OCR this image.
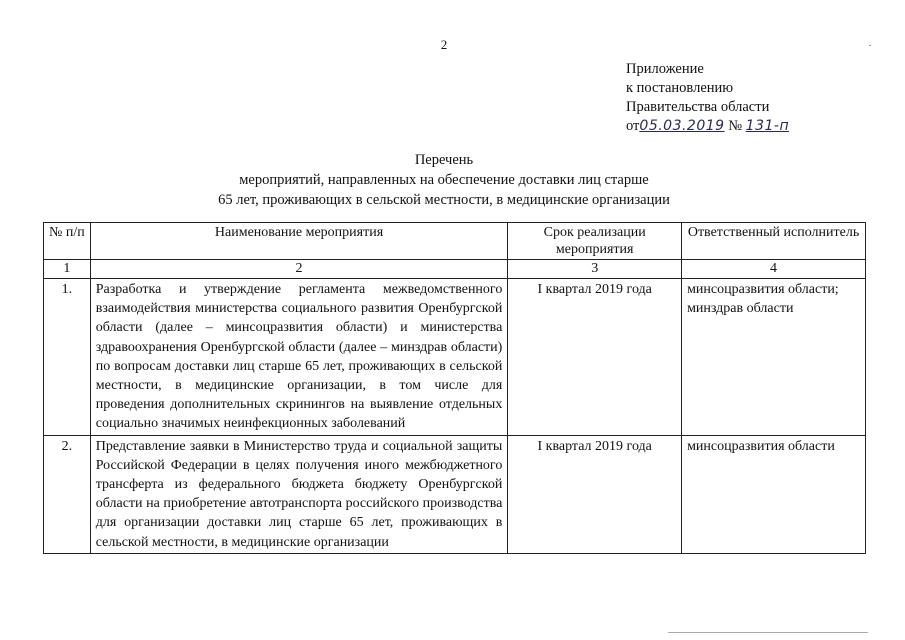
2	·
Приложение
к постановлению
Правительства области
от05.03.2019 № 131-п
Перечень
мероприятий, направленных на обеспечение доставки лиц старше
65 лет, проживающих в сельской местности, в медицинские организации
№ п/п	Наименование мероприятия	Срок реализации мероприятия	Ответственный исполнитель
1	2	3	4
1.	Разработка и утверждение регламента межведомственного взаимодействия министерства социального развития Оренбургской области (далее – минсоцразвития области) и министерства здравоохранения Оренбургской области (далее – минздрав области) по вопросам доставки лиц старше 65 лет, проживающих в сельской местности, в медицинские организации, в том числе для проведения дополнительных скринингов на выявление отдельных социально значимых неинфекционных заболеваний	I квартал 2019 года	минсоцразвития области; минздрав области
2.	Представление заявки в Министерство труда и социальной защиты Российской Федерации в целях получения иного межбюджетного трансферта из федерального бюджета бюджету Оренбургской области на приобретение автотранспорта российского производства для организации доставки лиц старше 65 лет, проживающих в сельской местности, в медицинские организации	I квартал 2019 года	минсоцразвития области
